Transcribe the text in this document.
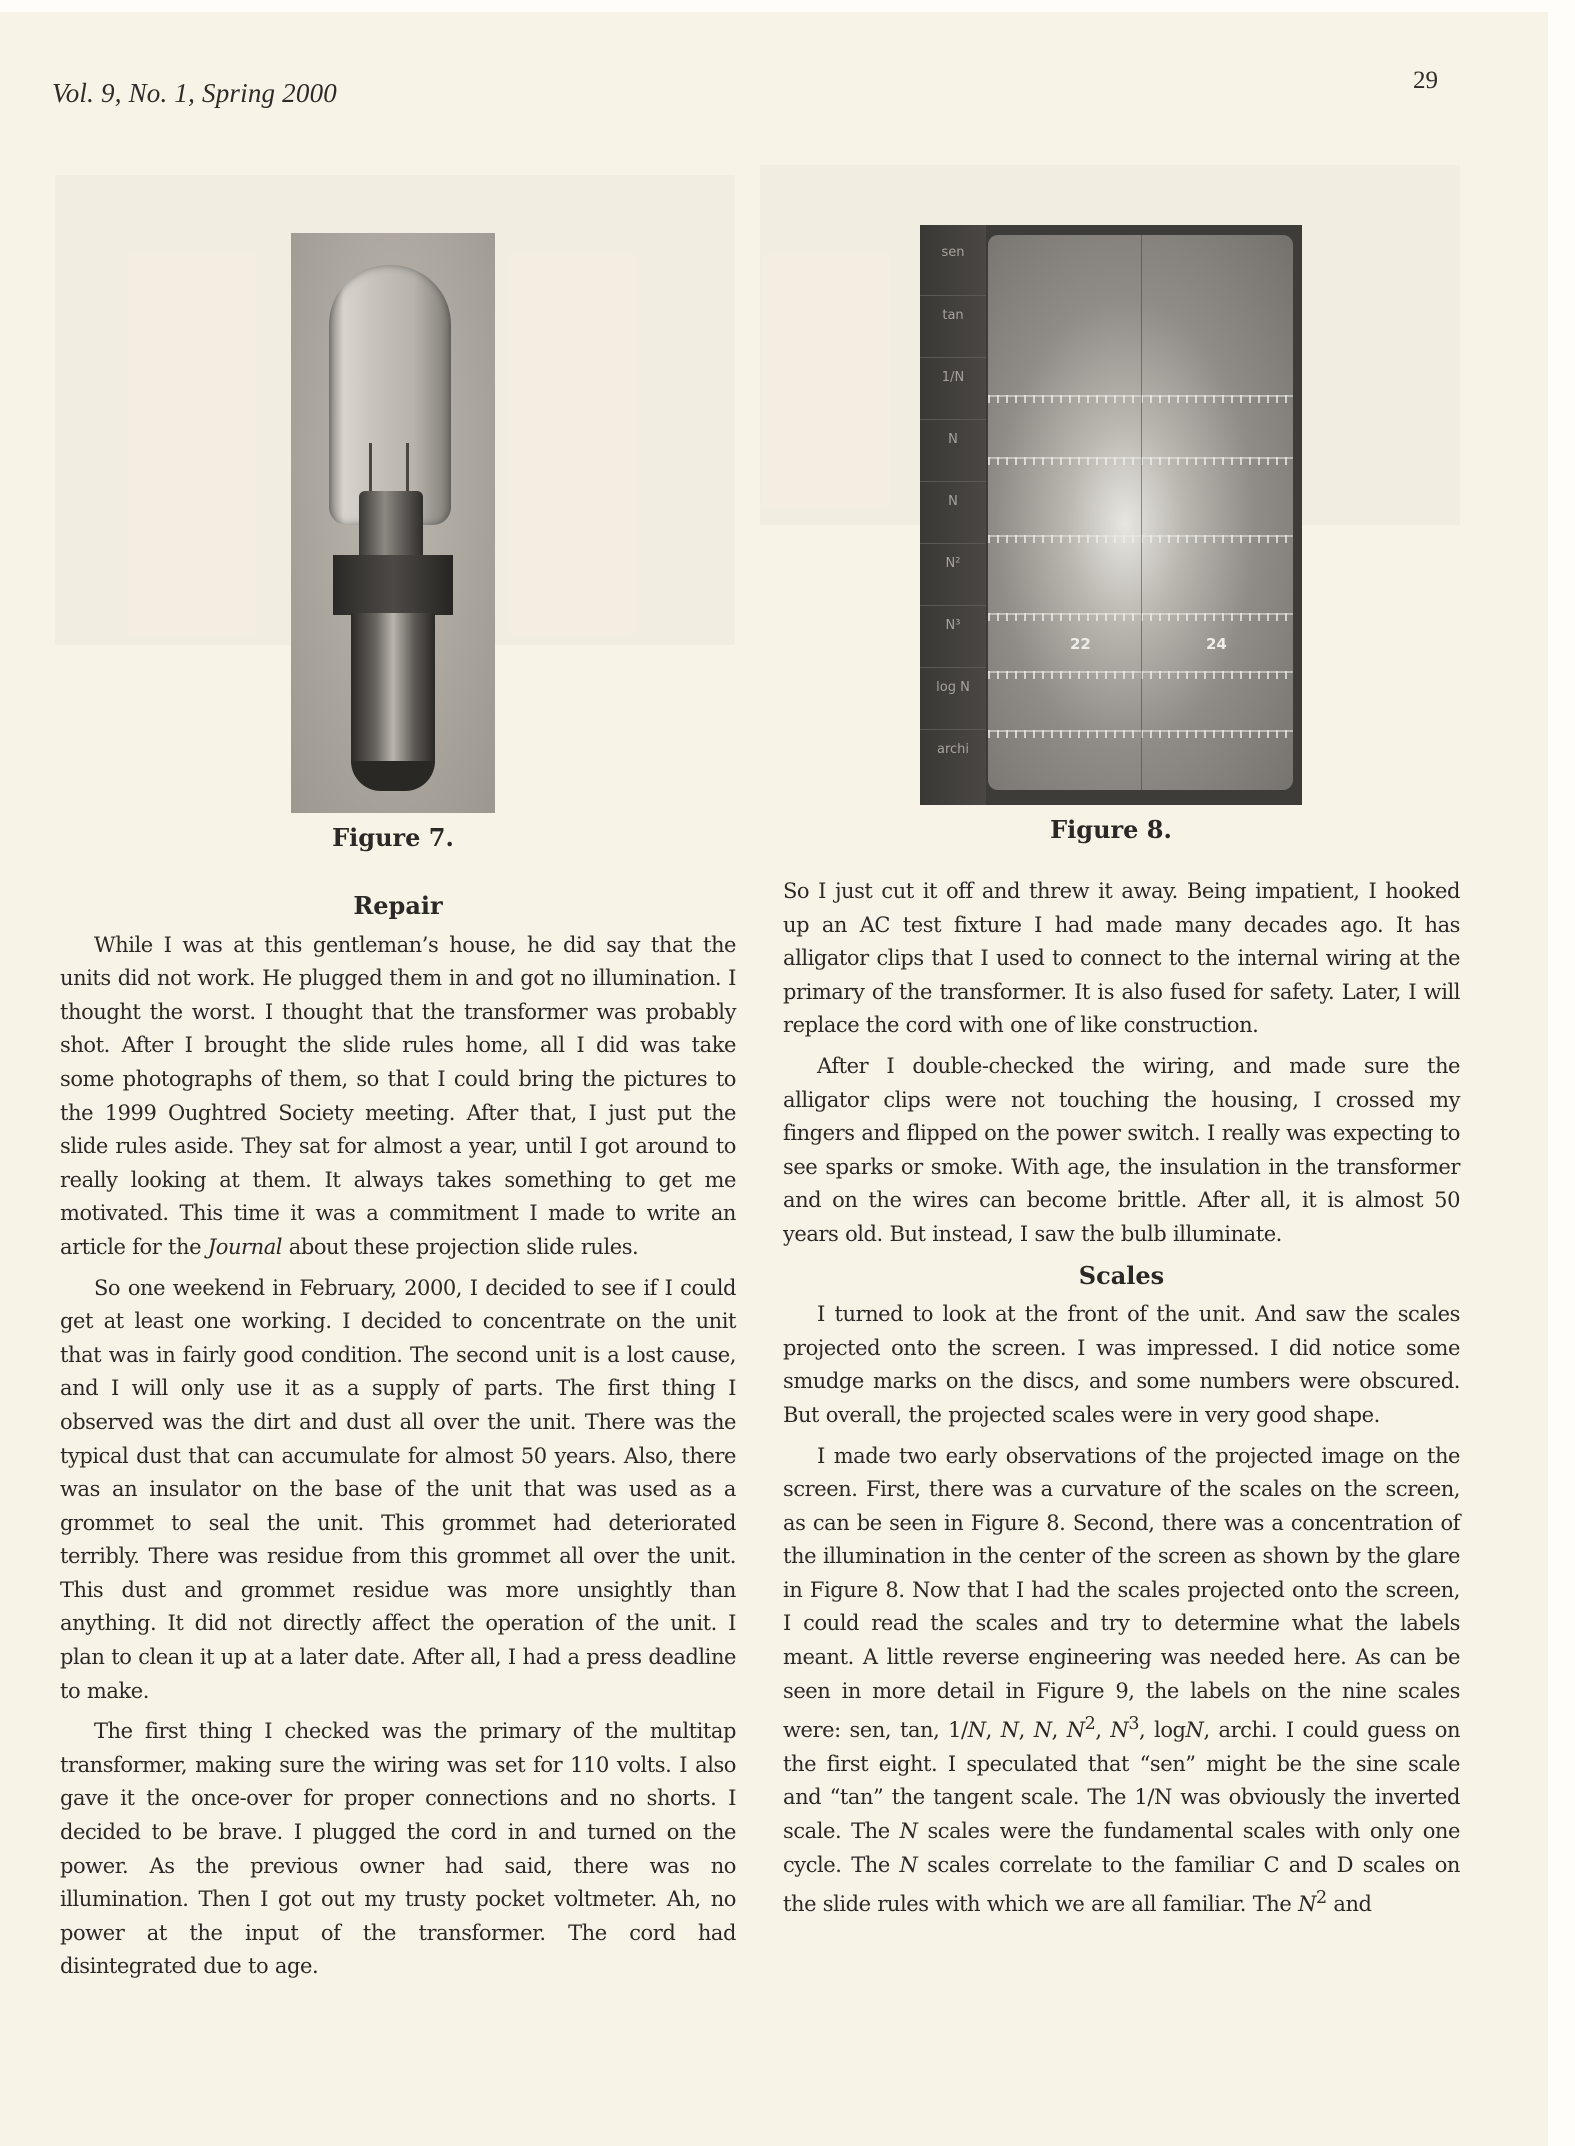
Vol. 9, No. 1, Spring 2000	29
Figure 7.
sen
tan
1/N
N
N
N²
N³
log N
archi
22	24
Figure 8.
Repair

While I was at this gentleman’s house, he did say that the units did not work. He plugged them in and got no illumination. I thought the worst. I thought that the transformer was probably shot. After I brought the slide rules home, all I did was take some photographs of them, so that I could bring the pictures to the 1999 Oughtred Society meeting. After that, I just put the slide rules aside. They sat for almost a year, until I got around to really looking at them. It always takes something to get me motivated. This time it was a commitment I made to write an article for the Journal about these projection slide rules.

So one weekend in February, 2000, I decided to see if I could get at least one working. I decided to concentrate on the unit that was in fairly good condition. The second unit is a lost cause, and I will only use it as a supply of parts. The first thing I observed was the dirt and dust all over the unit. There was the typical dust that can accumulate for almost 50 years. Also, there was an insulator on the base of the unit that was used as a grommet to seal the unit. This grommet had deteriorated terribly. There was residue from this grommet all over the unit. This dust and grommet residue was more unsightly than anything. It did not directly affect the operation of the unit. I plan to clean it up at a later date. After all, I had a press deadline to make.

The first thing I checked was the primary of the multitap transformer, making sure the wiring was set for 110 volts. I also gave it the once-over for proper connections and no shorts. I decided to be brave. I plugged the cord in and turned on the power. As the previous owner had said, there was no illumination. Then I got out my trusty pocket voltmeter. Ah, no power at the input of the transformer. The cord had disintegrated due to age.

So I just cut it off and threw it away. Being impatient, I hooked up an AC test fixture I had made many decades ago. It has alligator clips that I used to connect to the internal wiring at the primary of the transformer. It is also fused for safety. Later, I will replace the cord with one of like construction.

After I double-checked the wiring, and made sure the alligator clips were not touching the housing, I crossed my fingers and flipped on the power switch. I really was expecting to see sparks or smoke. With age, the insulation in the transformer and on the wires can become brittle. After all, it is almost 50 years old. But instead, I saw the bulb illuminate.

Scales

I turned to look at the front of the unit. And saw the scales projected onto the screen. I was impressed. I did notice some smudge marks on the discs, and some numbers were obscured. But overall, the projected scales were in very good shape.

I made two early observations of the projected image on the screen. First, there was a curvature of the scales on the screen, as can be seen in Figure 8. Second, there was a concentration of the illumination in the center of the screen as shown by the glare in Figure 8. Now that I had the scales projected onto the screen, I could read the scales and try to determine what the labels meant. A little reverse engineering was needed here. As can be seen in more detail in Figure 9, the labels on the nine scales were: sen, tan, 1/N, N, N, $N^2$, $N^3$, logN, archi. I could guess on the first eight. I speculated that “sen” might be the sine scale and “tan” the tangent scale. The 1/N was obviously the inverted scale. The N scales were the fundamental scales with only one cycle. The N scales correlate to the familiar C and D scales on the slide rules with which we are all familiar. The $N^2$ and
